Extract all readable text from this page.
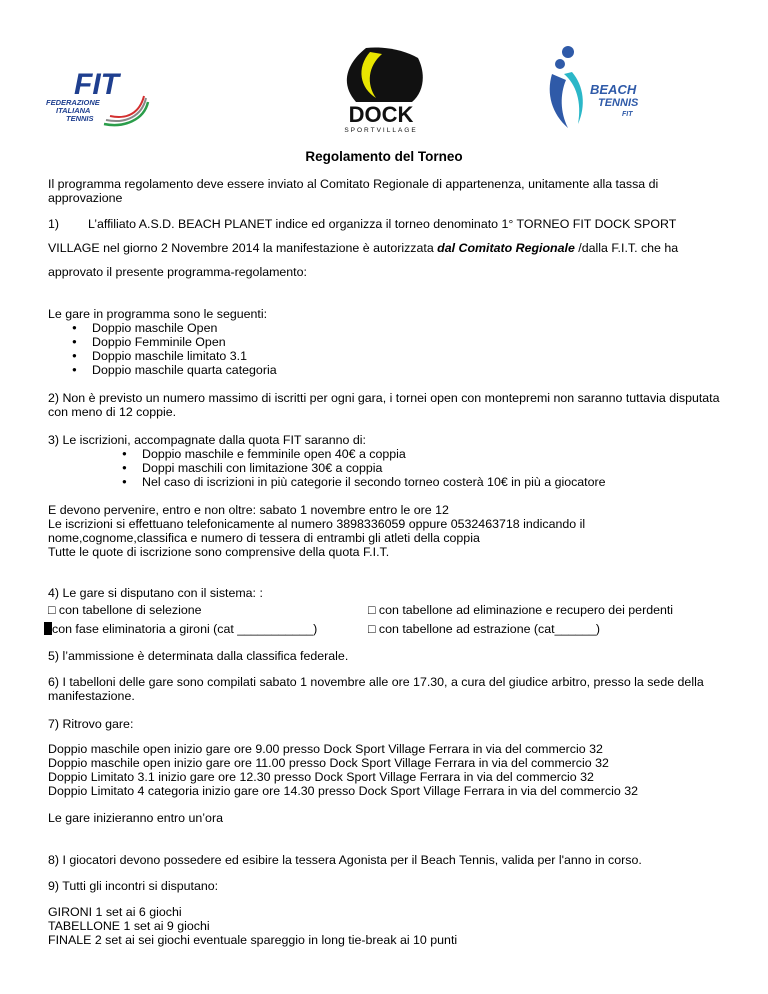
FIT
FEDERAZIONE
ITALIANA
TENNIS	DOCK
SPORTVILLAGE
BEACH
TENNIS
FIT
Regolamento del Torneo

Il programma regolamento deve essere inviato al Comitato Regionale di appartenenza, unitamente alla tassa di approvazione

1) L’affiliato A.S.D. BEACH PLANET indice ed organizza il torneo denominato 1° TORNEO FIT DOCK SPORT
VILLAGE nel giorno 2 Novembre 2014 la manifestazione è autorizzata dal Comitato Regionale /dalla F.I.T. che ha
approvato il presente programma-regolamento:
Le gare in programma sono le seguenti:
● Doppio maschile Open
● Doppio Femminile Open
● Doppio maschile limitato 3.1
● Doppio maschile quarta categoria

2) Non è previsto un numero massimo di iscritti per ogni gara, i tornei open con montepremi non saranno tuttavia disputata con meno di 12 coppie.

3) Le iscrizioni, accompagnate dalla quota FIT saranno di:
● Doppio maschile e femminile open 40€ a coppia
● Doppi maschili con limitazione 30€ a coppia
● Nel caso di iscrizioni in più categorie il secondo torneo costerà 10€ in più a giocatore
E devono pervenire, entro e non oltre: sabato 1 novembre entro le ore 12
Le iscrizioni si effettuano telefonicamente al numero 3898336059 oppure 0532463718 indicando il
nome,cognome,classifica e numero di tessera di entrambi gli atleti della coppia
Tutte le quote di iscrizione sono comprensive della quota F.I.T.
4) Le gare si disputano con il sistema: :
□ con tabellone di selezione	□ con tabellone ad eliminazione e recupero dei perdenti
con fase eliminatoria a gironi (cat ___________)	□ con tabellone ad estrazione (cat______)
5) l’ammissione è determinata dalla classifica federale.

6) I tabelloni delle gare sono compilati sabato 1 novembre alle ore 17.30, a cura del giudice arbitro, presso la sede della manifestazione.

7) Ritrovo gare:
Doppio maschile open inizio gare ore 9.00 presso Dock Sport Village Ferrara in via del commercio 32
Doppio maschile open inizio gare ore 11.00 presso Dock Sport Village Ferrara in via del commercio 32
Doppio Limitato 3.1 inizio gare ore 12.30 presso Dock Sport Village Ferrara in via del commercio 32
Doppio Limitato 4 categoria inizio gare ore 14.30 presso Dock Sport Village Ferrara in via del commercio 32
Le gare inizieranno entro un’ora
8) I giocatori devono possedere ed esibire la tessera Agonista per il Beach Tennis, valida per l'anno in corso.
9) Tutti gli incontri si disputano:
GIRONI 1 set ai 6 giochi
TABELLONE 1 set ai 9 giochi
FINALE 2 set ai sei giochi eventuale spareggio in long tie-break ai 10 punti
